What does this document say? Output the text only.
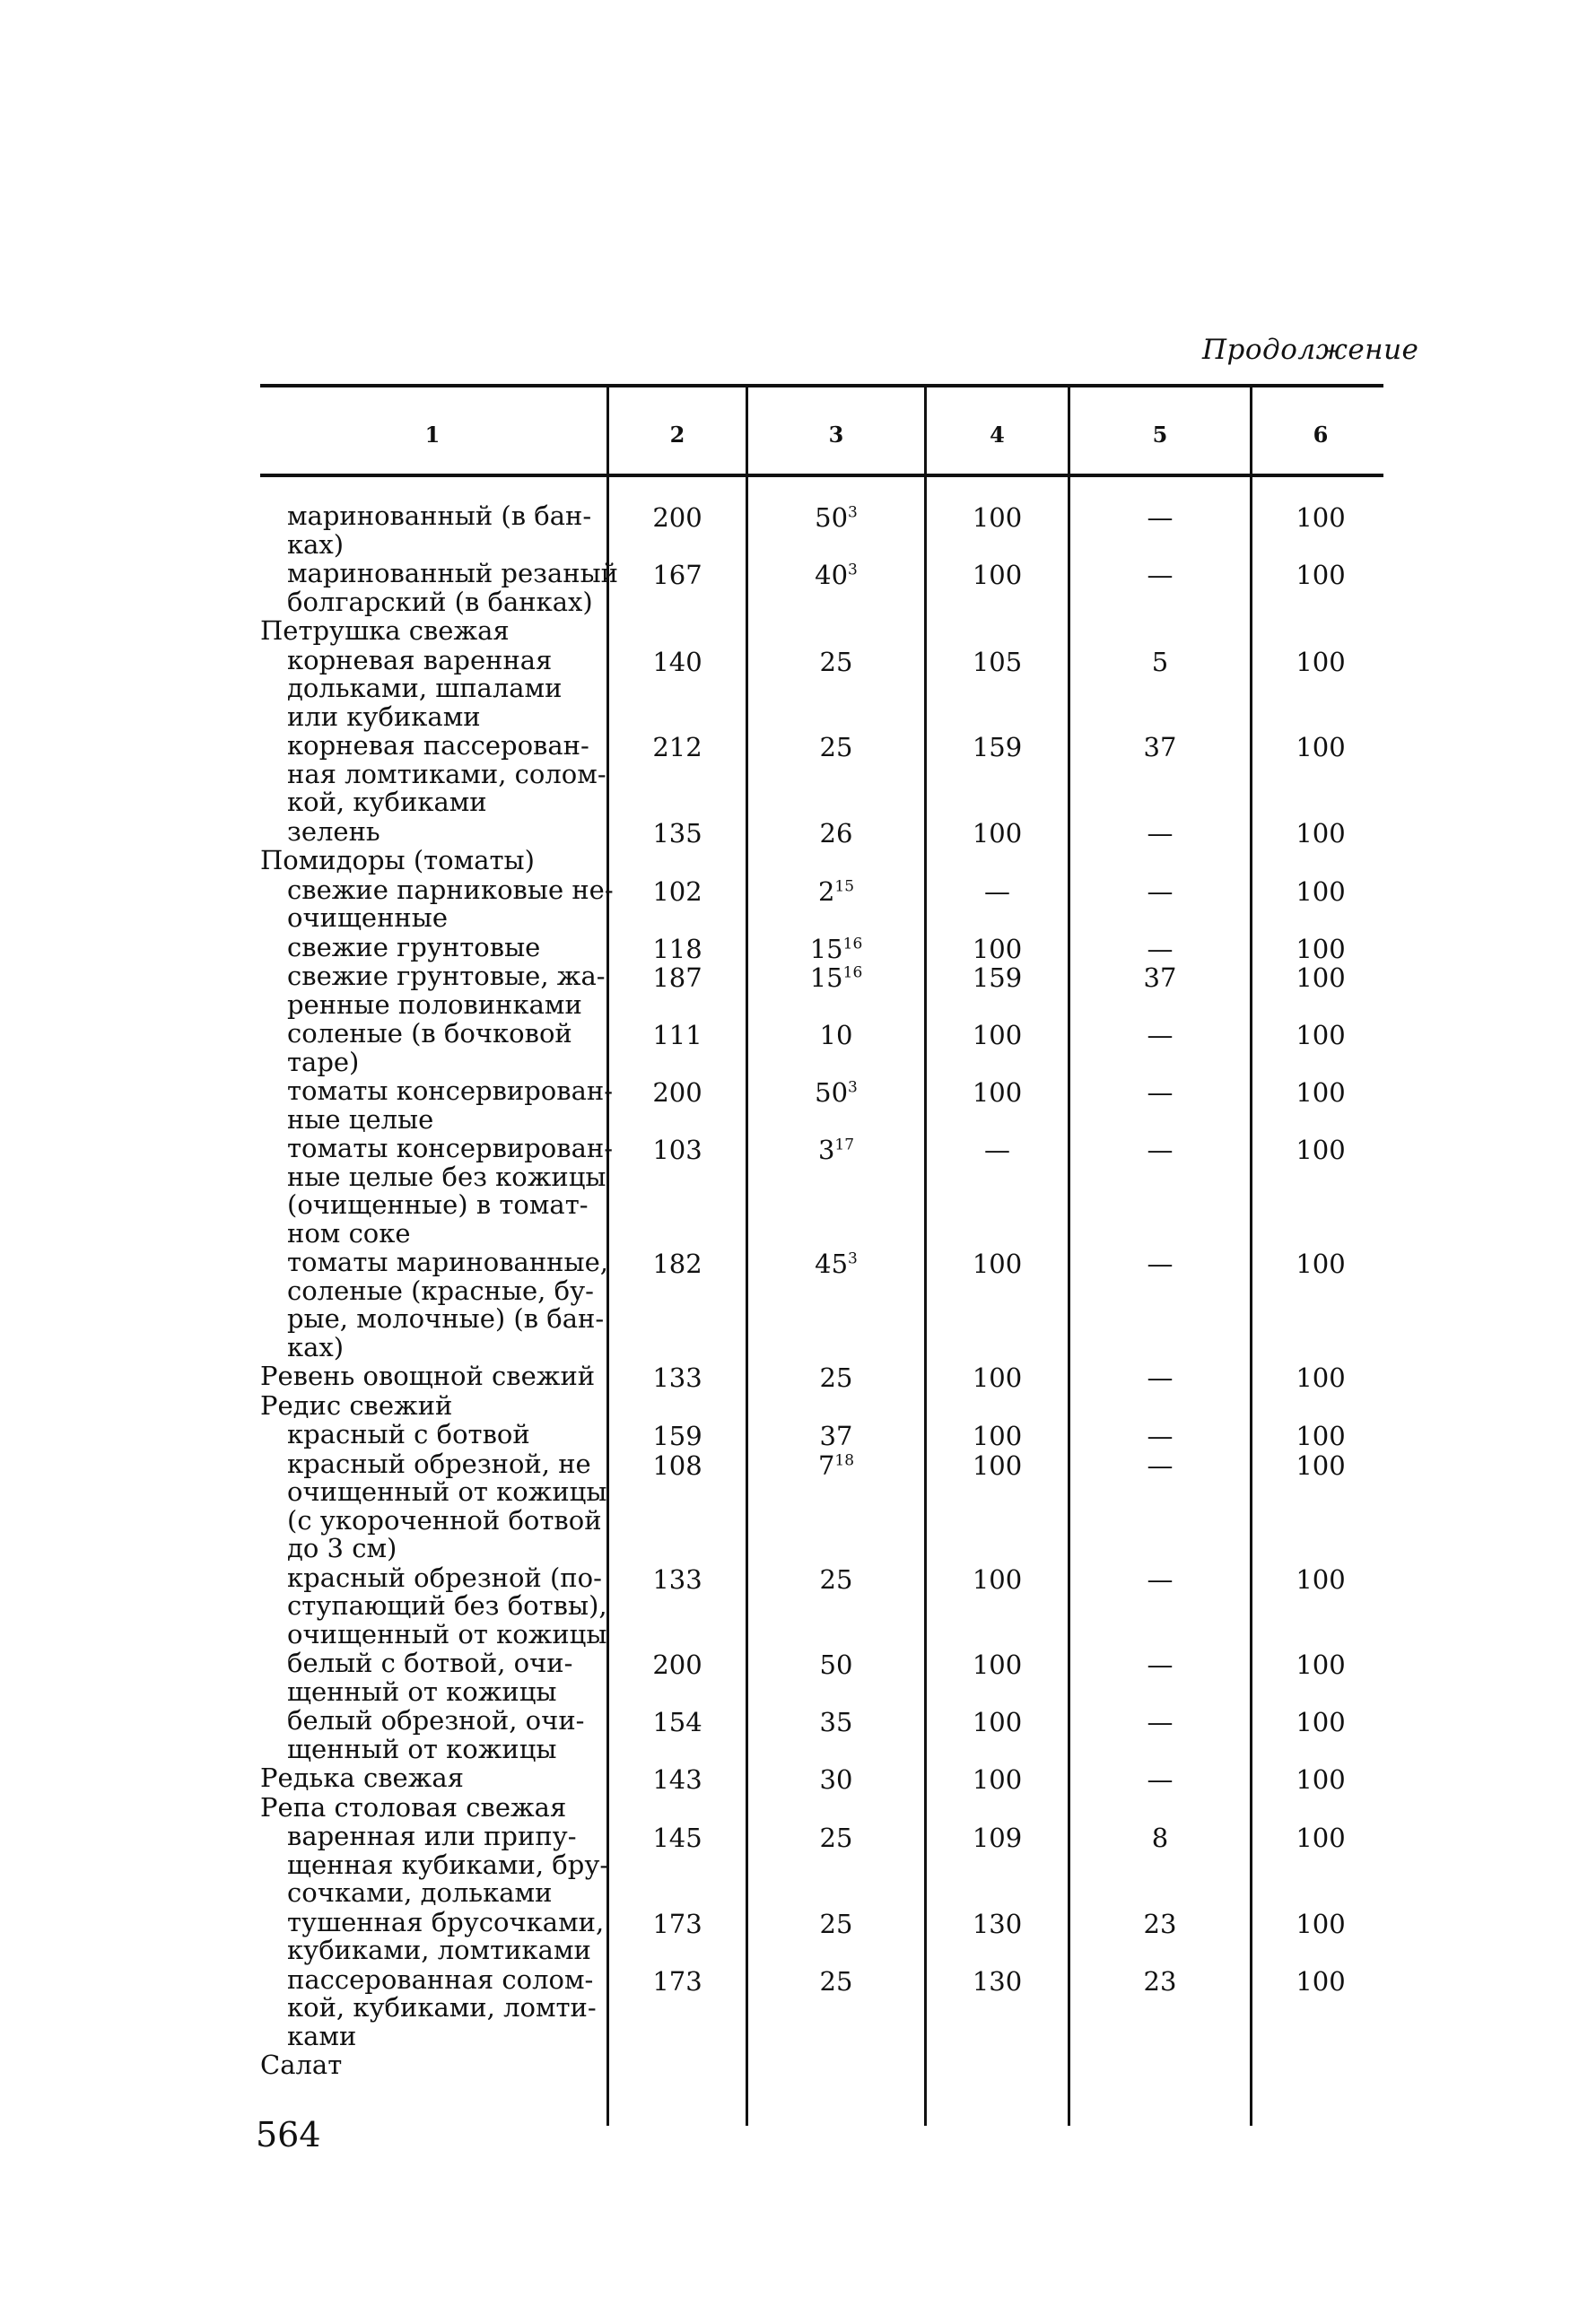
Продолжение
1	2	3	4	5	6
маринованный (в бан-
ках)
200	$50^3$	100	—	100
маринованный резаный
болгарский (в банках)
167	$40^3$	100	—	100
Петрушка свежая
корневая варенная
дольками, шпалами
или кубиками
140	25	105	5	100
корневая пассерован-
ная ломтиками, солом-
кой, кубиками
212	25	159	37	100
зелень	135	26	100	—	100
Помидоры (томаты)
свежие парниковые не-
очищенные
102	$2^{15}$	—	—	100
свежие грунтовые	118	$15^{16}$	100	—	100
свежие грунтовые, жа-
ренные половинками
187	$15^{16}$	159	37	100
соленые (в бочковой
таре)
111	10	100	—	100
томаты консервирован-
ные целые
200	$50^3$	100	—	100
томаты консервирован-
ные целые без кожицы
(очищенные) в томат-
ном соке
103	$3^{17}$	—	—	100
томаты маринованные,
соленые (красные, бу-
рые, молочные) (в бан-
ках)
182	$45^3$	100	—	100
Ревень овощной свежий	133	25	100	—	100
Редис свежий
красный с ботвой	159	37	100	—	100
красный обрезной, не
очищенный от кожицы
(с укороченной ботвой
до 3 см)
108	$7^{18}$	100	—	100
красный обрезной (по-
ступающий без ботвы),
очищенный от кожицы
133	25	100	—	100
белый с ботвой, очи-
щенный от кожицы
200	50	100	—	100
белый обрезной, очи-
щенный от кожицы
154	35	100	—	100
Редька свежая	143	30	100	—	100
Репа столовая свежая
варенная или припу-
щенная кубиками, бру-
сочками, дольками
145	25	109	8	100
тушенная брусочками,
кубиками, ломтиками
173	25	130	23	100
пассерованная солом-
кой, кубиками, ломти-
ками
173	25	130	23	100
Салат
564
